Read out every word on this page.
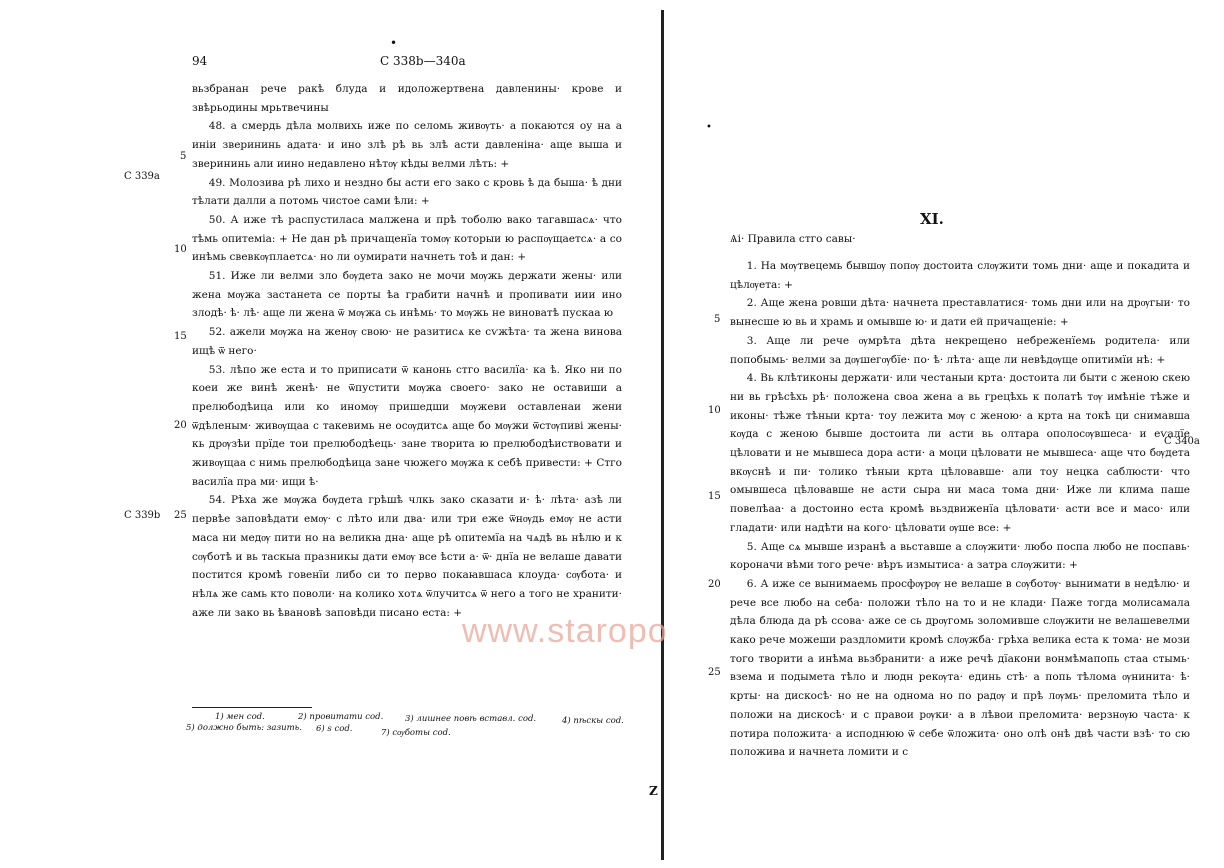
•
94	С 338b—340a

вьзбранан рече ракѣ блуда и идоложертвена давленины· крове и звѣрьодины мрьтвечины

48. а смердь дѣла молвихь иже по селомь живѹть· а покаются оу на а иніи зверининь адата· и ино злѣ рѣ вь злѣ асти давленіна· аще выша и зверининь али иино недавлено нѣтѹ кѣды велми лѣть: +

49. Молозива рѣ лихо и нездно бы асти его зако с кровь ѣ да быша· ѣ дни тѣлати далли а потомь чистое сами ѣли: +

50. А иже тѣ распустилаcа малжена и прѣ тоболю вако тагавшасѧ· что тѣмь опитеміа: + Не дан рѣ причащенїа томѹ которыи ю распѹщаетсѧ· а со инѣмь свевкѹплаетсѧ· но ли оумирати начнеть тоѣ и дан: +

51. Иже ли велми зло бѹдета зако не мочи мѹжь держати жены· или жена мѹжа застанета се порты ѣа грабити начнѣ и пропивати иии ино злодѣ· ѣ· лѣ· аще ли жена ѿ мѹжа сь инѣмь· то мѹжь не виноватѣ пускаа ю

52. ажели мѹжа на женѹ свою· не разитисѧ ке сѵжѣта· та жена винова ищѣ ѿ него·

53. лѣпо же еста и то приписати ѿ канонь стго василїа· ка ѣ. Яко ни по коеи же винѣ женѣ· не ѿпустити мѹжа своего· зако не оставиши а прелюбодѣица или ко иномѹ пришедши мѹжеви оставленаи жени ѿдѣленым· живѹщаа с такевимь не осѹдитсѧ аще бо мѹжи ѿстѹпиві жены· кь дрѹзѣи прїде тои прелюбодѣець· зане творита ю прелюбодѣиствовати и живѹщаа с нимь прелюбодѣица зане чюжего мѹжа к себѣ привести: + Стго василїа пра ми· ищи ѣ·

54. Рѣха же мѹжа бѹдета грѣшѣ члкь зако сказати и· ѣ· лѣта· азѣ ли первѣе заповѣдати емѹ· с лѣто или два· или три еже ѿнѹдь емѹ не асти маса ни медѹ пити но на великꙗ дна· аще рѣ опитемїа на чѧдѣ вь нѣлю и к сѹботѣ и вь таскыа празникы дати емѹ все ѣсти а· ѿ· днїа не велаше давати постится кромѣ говенїи либо си то перво покаꙗвшаса клоуда· сѹбота· и нѣлѧ же самь кто поволи· на колико хотѧ ѿлучитсѧ ѿ него а того не хранити· аже ли зако вь ѣвановѣ заповѣди писано еста: +

5
10
15
20
25
С 339a
С 339b
1) мен cod.	2) провитати cod.	3) лишнее повѣ вставл. cod.	4) пѣскы cod.
5) должно быть: зазить. 6) ѕ cod.	7) сѹботы cod.
•
XI.
Ѧі· Правила стго савы·

1. На мѹтвецемь бывшѹ попѹ достоита слѹжити томь дни· аще и покадита и цѣлѹета: +

2. Аще жена ровши дѣта· начнета преставлатися· томь дни или на дрѹгыи· то вынесше ю вь и храмь и омывше ю· и дати ей причащеніе: +

3. Аще ли рече ѹмрѣта дѣта некрещено небреженїемь родитела· или попобымь· велми за дѹшегѹбїе· по· ѣ· лѣта· аще ли невѣдѹще опитимїи нѣ: +

4. Вь клѣтиконы держати· или честаныи крта· достоита ли быти с женою скею ни вь грѣсѣхь рѣ· положена своа жена а вь грецѣхь к полатѣ тѹ имѣніе тѣже и иконы· тѣже тѣныи крта· тоу лежита мѹ с женою· а крта на токѣ ци снимавша кѹда с женою бывше достоита ли асти вь олтара ополосѹвшеса· и еѵалїе цѣловати и не мывшеса дора асти· а моци цѣловати не мывшеса· аще что бѹдета вкѹснѣ и пи· толико тѣныи крта цѣловавше· али тоу нецка саблюсти· что омывшеса цѣловавше не асти сыра ни маса тома дни· Иже ли клима паше повелѣаа· а достоино еста кромѣ вьздвиженїа цѣловати· асти все и масо· или гладати· или надѣти на кого· цѣловати ѹше все: +

5. Аще сѧ мывше изранѣ а вьставше а слѹжити· любо поспа любо не поспавь· короначи вѣми того рече· вѣръ измытиса· а затра слѹжити: +

6. А иже се вынимаемь просфѹрѹ не велаше в сѹботѹ· вынимати в недѣлю· и рече все любо на себа· положи тѣло на то и не клади· Паже тогда молисамала дѣла блюда да рѣ ссова· аже се сь дрѹгомь золомивше слѹжити не велашевелми како рече можеши раздломити кромѣ слѹжба· грѣха велика еста к тома· не мози того творити а инѣма вьзбранити· а иже речѣ дїакони вонмѣмапопь стаа стымь· взема и подымета тѣло и людн рекѹта· единь стѣ· а попь тѣлома ѹнинита· ѣ· крты· на дискосѣ· но не на однома но по радѹ и прѣ лѹмь· преломита тѣло и положи на дискосѣ· и с правои рѹки· а в лѣвои преломита· верзнѹю часта· к потира положита· а исподнюю ѿ себе ѿложита· оно олѣ онѣ двѣ части взѣ· то сю положива и начнета ломити и с

5
10
15
20
25
С 340a
Z
www.staropo
